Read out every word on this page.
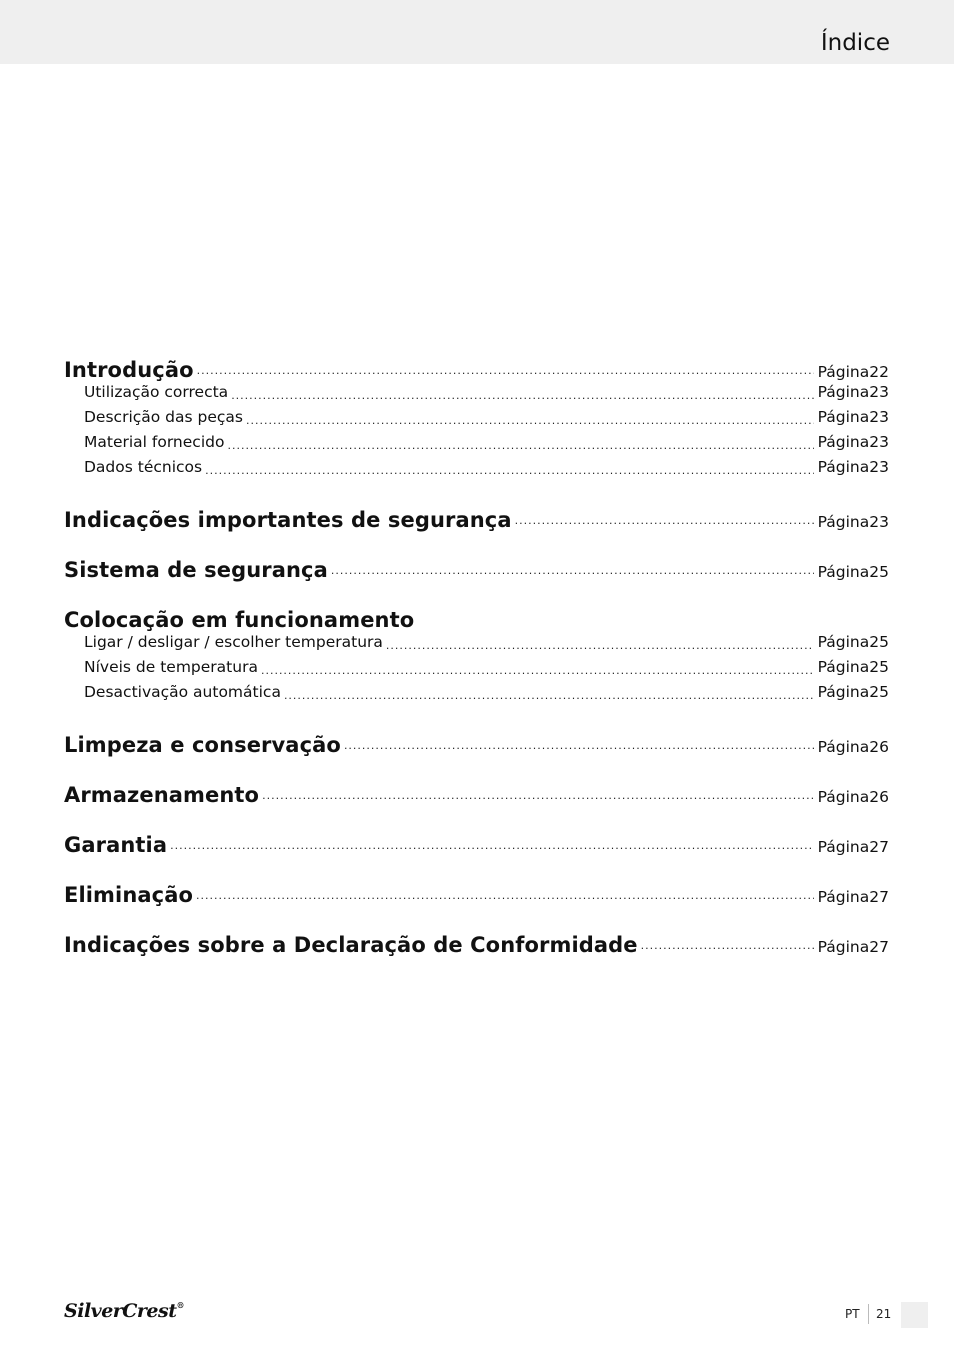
Índice
Introdução .....	Página 22
Utilização correcta .....	Página 23
Descrição das peças .....	Página 23
Material fornecido .....	Página 23
Dados técnicos .....	Página 23
Indicações importantes de segurança .....	Página 23
Sistema de segurança .....	Página 25
Colocação em funcionamento
Ligar / desligar / escolher temperatura .....	Página 25
Níveis de temperatura .....	Página 25
Desactivação automática .....	Página 25
Limpeza e conservação .....	Página 26
Armazenamento .....	Página 26
Garantia .....	Página 27
Eliminação .....	Página 27
Indicações sobre a Declaração de Conformidade .....	Página 27
SilverCrest®
PT 21
